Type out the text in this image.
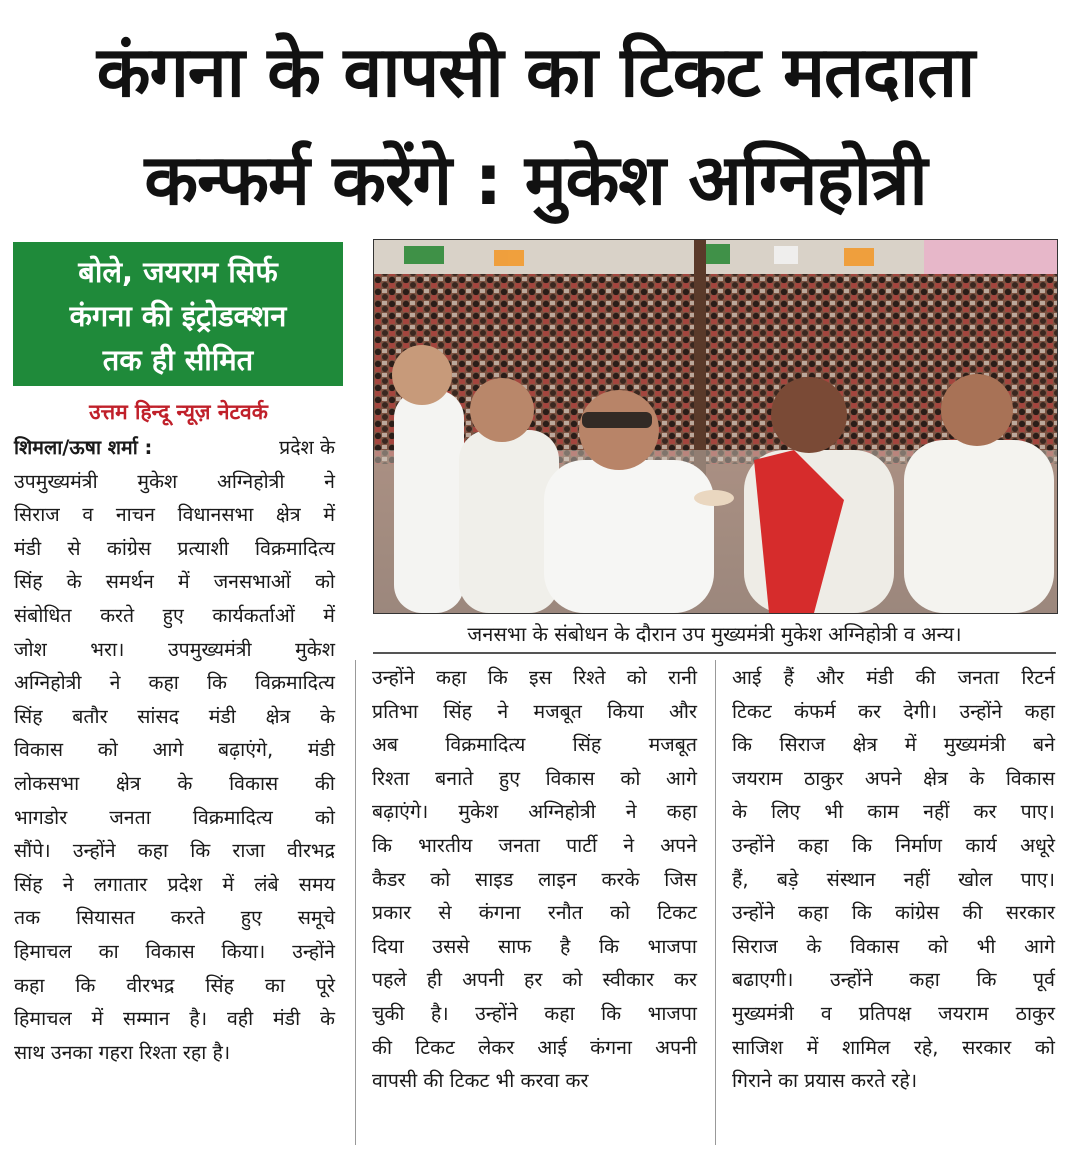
कंगना के वापसी का टिकट मतदाता
कन्फर्म करेंगे : मुकेश अग्निहोत्री
बोले, जयराम सिर्फ
कंगना की इंट्रोडक्शन
तक ही सीमित
उत्तम हिन्दू न्यूज़ नेटवर्क
शिमला/ऊषा शर्मा :	प्रदेश के
उपमुख्यमंत्री मुकेश अग्निहोत्री ने
सिराज व नाचन विधानसभा क्षेत्र में
मंडी से कांग्रेस प्रत्याशी विक्रमादित्य
सिंह के समर्थन में जनसभाओं को
संबोधित करते हुए कार्यकर्ताओं में
जोश भरा। उपमुख्यमंत्री मुकेश
अग्निहोत्री ने कहा कि विक्रमादित्य
सिंह बतौर सांसद मंडी क्षेत्र के
विकास को आगे बढ़ाएंगे, मंडी
लोकसभा क्षेत्र के विकास की
भागडोर जनता विक्रमादित्य को
सौंपे। उन्होंने कहा कि राजा वीरभद्र
सिंह ने लगातार प्रदेश में लंबे समय
तक सियासत करते हुए समूचे
हिमाचल का विकास किया। उन्होंने
कहा कि वीरभद्र सिंह का पूरे
हिमाचल में सम्मान है। वही मंडी के
साथ उनका गहरा रिश्ता रहा है।
जनसभा के संबोधन के दौरान उप मुख्यमंत्री मुकेश अग्निहोत्री व अन्य।
उन्होंने कहा कि इस रिश्ते को रानी
प्रतिभा सिंह ने मजबूत किया और
अब विक्रमादित्य सिंह मजबूत
रिश्ता बनाते हुए विकास को आगे
बढ़ाएंगे। मुकेश अग्निहोत्री ने कहा
कि भारतीय जनता पार्टी ने अपने
कैडर को साइड लाइन करके जिस
प्रकार से कंगना रनौत को टिकट
दिया उससे साफ है कि भाजपा
पहले ही अपनी हर को स्वीकार कर
चुकी है। उन्होंने कहा कि भाजपा
की टिकट लेकर आई कंगना अपनी
वापसी की टिकट भी करवा कर
आई हैं और मंडी की जनता रिटर्न
टिकट कंफर्म कर देगी। उन्होंने कहा
कि सिराज क्षेत्र में मुख्यमंत्री बने
जयराम ठाकुर अपने क्षेत्र के विकास
के लिए भी काम नहीं कर पाए।
उन्होंने कहा कि निर्माण कार्य अधूरे
हैं, बड़े संस्थान नहीं खोल पाए।
उन्होंने कहा कि कांग्रेस की सरकार
सिराज के विकास को भी आगे
बढाएगी। उन्होंने कहा कि पूर्व
मुख्यमंत्री व प्रतिपक्ष जयराम ठाकुर
साजिश में शामिल रहे, सरकार को
गिराने का प्रयास करते रहे।
